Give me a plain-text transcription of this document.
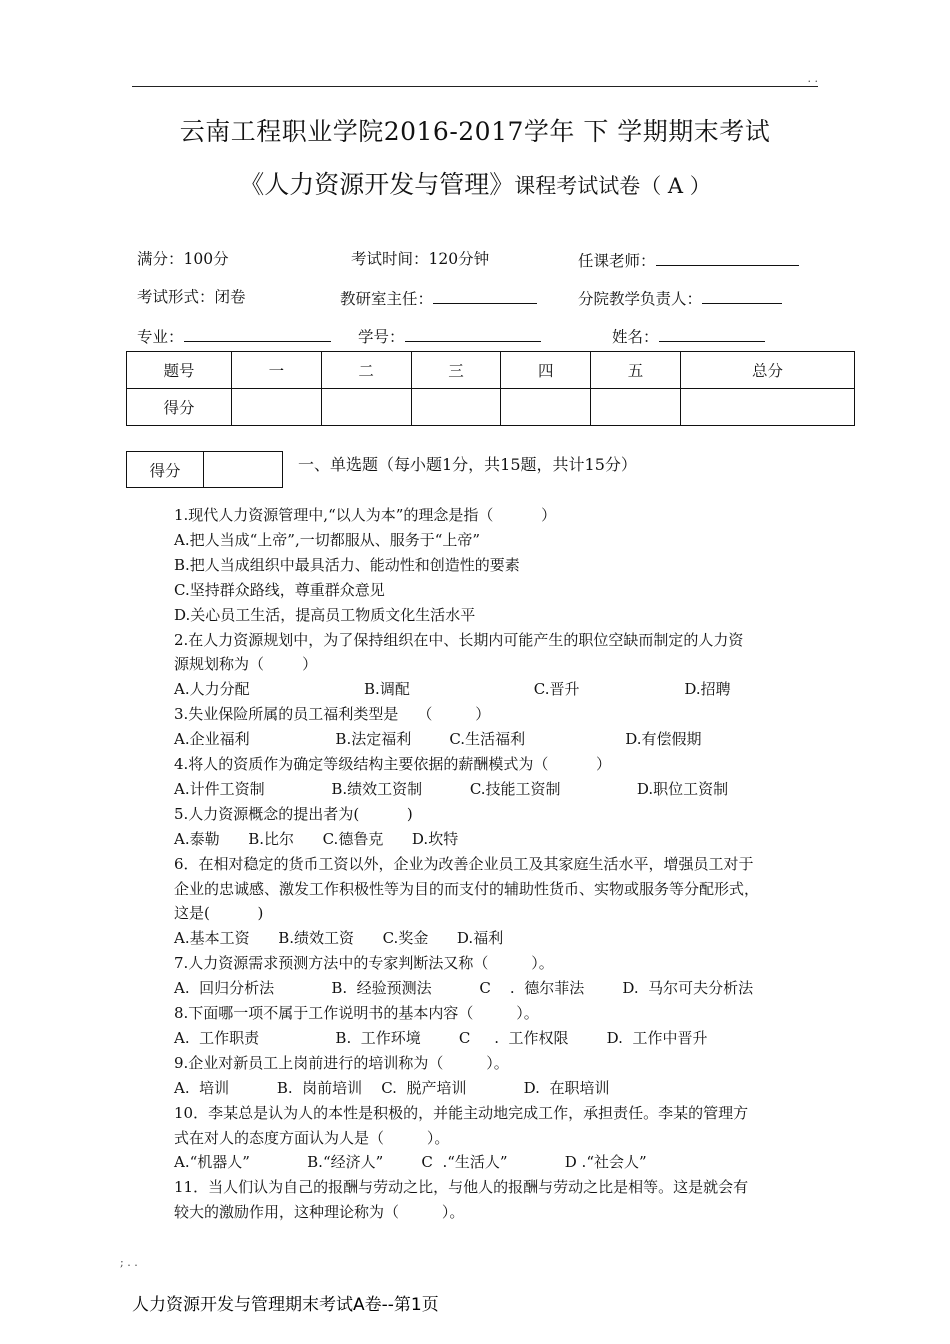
. .
云南工程职业学院2016-2017学年 下 学期期末考试
《人力资源开发与管理》课程考试试卷（ A ）
满分：100分	考试时间：120分钟	任课老师：
考试形式：闭卷	教研室主任：	分院教学负责人：
专业：	学号：	姓名：
题号	一	二	三	四	五	总分
得分						
得分		一、单选题（每小题1分，共15题，共计15分）
1.现代人力资源管理中,“以人为本”的理念是指（          ）
A.把人当成“上帝”,一切都服从、服务于“上帝”
B.把人当成组织中最具活力、能动性和创造性的要素
C.坚持群众路线，尊重群众意见
D.关心员工生活，提高员工物质文化生活水平
2.在人力资源规划中，为了保持组织在中、长期内可能产生的职位空缺而制定的人力资
源规划称为（        ）
A.人力分配                        B.调配                          C.晋升                      D.招聘
3.失业保险所属的员工福利类型是    （         ）
A.企业福利                  B.法定福利        C.生活福利                     D.有偿假期
4.将人的资质作为确定等级结构主要依据的薪酬模式为（          ）
A.计件工资制              B.绩效工资制          C.技能工资制                D.职位工资制
5.人力资源概念的提出者为(          )
A.泰勒      B.比尔      C.德鲁克      D.坎特
6．在相对稳定的货币工资以外，企业为改善企业员工及其家庭生活水平，增强员工对于
企业的忠诚感、激发工作积极性等为目的而支付的辅助性货币、实物或服务等分配形式，
这是(          )
A.基本工资      B.绩效工资      C.奖金      D.福利
7.人力资源需求预测方法中的专家判断法又称（         ）。
A.  回归分析法            B.  经验预测法          C    .  德尔菲法        D.  马尔可夫分析法
8.下面哪一项不属于工作说明书的基本内容（         ）。
A.  工作职责                B.  工作环境        C     .  工作权限        D.  工作中晋升
9.企业对新员工上岗前进行的培训称为（         ）。
A.  培训          B.  岗前培训    C.  脱产培训            D.  在职培训
10．李某总是认为人的本性是积极的，并能主动地完成工作，承担责任。李某的管理方
式在对人的态度方面认为人是（         ）。
A.“机器人”            B.“经济人”        C  .“生活人”            D .“社会人”
11．当人们认为自己的报酬与劳动之比，与他人的报酬与劳动之比是相等。这是就会有
较大的激励作用，这种理论称为（         ）。
; . .
人力资源开发与管理期末考试A卷--第1页
